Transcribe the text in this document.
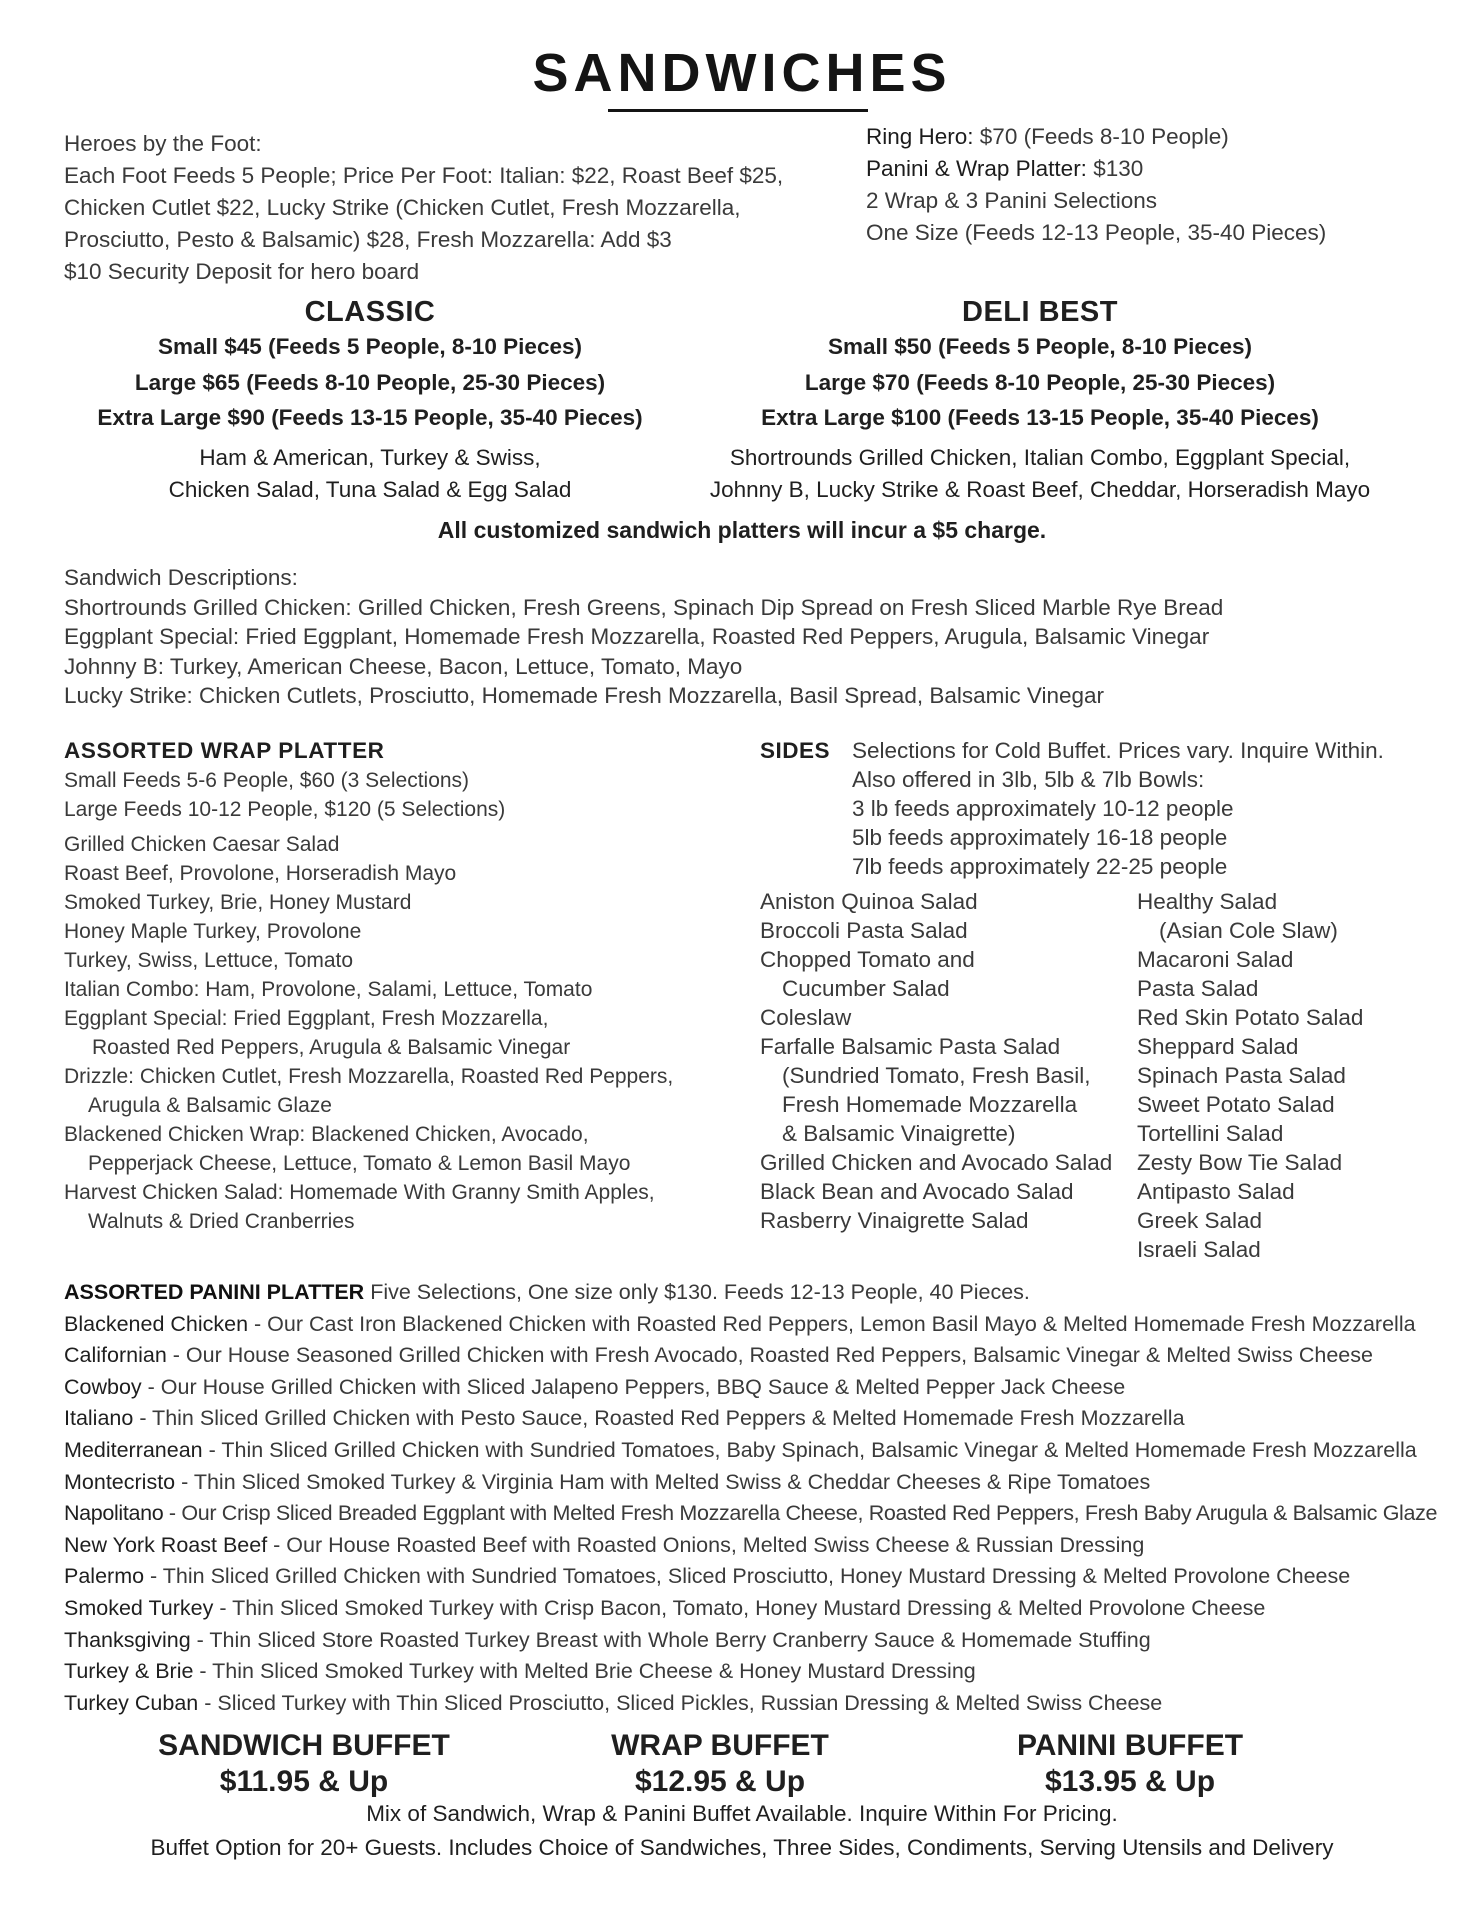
SANDWICHES
Heroes by the Foot:
Each Foot Feeds 5 People; Price Per Foot: Italian: $22, Roast Beef $25,
Chicken Cutlet $22, Lucky Strike (Chicken Cutlet, Fresh Mozzarella,
Prosciutto, Pesto & Balsamic) $28, Fresh Mozzarella: Add $3
$10 Security Deposit for hero board
Ring Hero: $70 (Feeds 8-10 People)
Panini & Wrap Platter: $130
2 Wrap & 3 Panini Selections
One Size (Feeds 12-13 People, 35-40 Pieces)
CLASSIC
Small $45 (Feeds 5 People, 8-10 Pieces)
Large $65 (Feeds 8-10 People, 25-30 Pieces)
Extra Large $90 (Feeds 13-15 People, 35-40 Pieces)
Ham & American, Turkey & Swiss,
Chicken Salad, Tuna Salad & Egg Salad
DELI BEST
Small $50 (Feeds 5 People, 8-10 Pieces)
Large $70 (Feeds 8-10 People, 25-30 Pieces)
Extra Large $100 (Feeds 13-15 People, 35-40 Pieces)
Shortrounds Grilled Chicken, Italian Combo, Eggplant Special,
Johnny B, Lucky Strike & Roast Beef, Cheddar, Horseradish Mayo
All customized sandwich platters will incur a $5 charge.
Sandwich Descriptions:
Shortrounds Grilled Chicken: Grilled Chicken, Fresh Greens, Spinach Dip Spread on Fresh Sliced Marble Rye Bread
Eggplant Special: Fried Eggplant, Homemade Fresh Mozzarella, Roasted Red Peppers, Arugula, Balsamic Vinegar
Johnny B: Turkey, American Cheese, Bacon, Lettuce, Tomato, Mayo
Lucky Strike: Chicken Cutlets, Prosciutto, Homemade Fresh Mozzarella, Basil Spread, Balsamic Vinegar
ASSORTED WRAP PLATTER
Small Feeds 5-6 People, $60 (3 Selections)
Large Feeds 10-12 People, $120 (5 Selections)
Grilled Chicken Caesar Salad
Roast Beef, Provolone, Horseradish Mayo
Smoked Turkey, Brie, Honey Mustard
Honey Maple Turkey, Provolone
Turkey, Swiss, Lettuce, Tomato
Italian Combo: Ham, Provolone, Salami, Lettuce, Tomato
Eggplant Special: Fried Eggplant, Fresh Mozzarella,
Roasted Red Peppers, Arugula & Balsamic Vinegar
Drizzle: Chicken Cutlet, Fresh Mozzarella, Roasted Red Peppers,
Arugula & Balsamic Glaze
Blackened Chicken Wrap: Blackened Chicken, Avocado,
Pepperjack Cheese, Lettuce, Tomato & Lemon Basil Mayo
Harvest Chicken Salad: Homemade With Granny Smith Apples,
Walnuts & Dried Cranberries
SIDES Selections for Cold Buffet. Prices vary. Inquire Within.
Also offered in 3lb, 5lb & 7lb Bowls:
3 lb feeds approximately 10-12 people
5lb feeds approximately 16-18 people
7lb feeds approximately 22-25 people
Aniston Quinoa Salad
Broccoli Pasta Salad
Chopped Tomato and
Cucumber Salad
Coleslaw
Farfalle Balsamic Pasta Salad
(Sundried Tomato, Fresh Basil,
Fresh Homemade Mozzarella
& Balsamic Vinaigrette)
Grilled Chicken and Avocado Salad
Black Bean and Avocado Salad
Rasberry Vinaigrette Salad
Healthy Salad
(Asian Cole Slaw)
Macaroni Salad
Pasta Salad
Red Skin Potato Salad
Sheppard Salad
Spinach Pasta Salad
Sweet Potato Salad
Tortellini Salad
Zesty Bow Tie Salad
Antipasto Salad
Greek Salad
Israeli Salad
ASSORTED PANINI PLATTER Five Selections, One size only $130. Feeds 12-13 People, 40 Pieces.
Blackened Chicken - Our Cast Iron Blackened Chicken with Roasted Red Peppers, Lemon Basil Mayo & Melted Homemade Fresh Mozzarella
Californian - Our House Seasoned Grilled Chicken with Fresh Avocado, Roasted Red Peppers, Balsamic Vinegar & Melted Swiss Cheese
Cowboy - Our House Grilled Chicken with Sliced Jalapeno Peppers, BBQ Sauce & Melted Pepper Jack Cheese
Italiano - Thin Sliced Grilled Chicken with Pesto Sauce, Roasted Red Peppers & Melted Homemade Fresh Mozzarella
Mediterranean - Thin Sliced Grilled Chicken with Sundried Tomatoes, Baby Spinach, Balsamic Vinegar & Melted Homemade Fresh Mozzarella
Montecristo - Thin Sliced Smoked Turkey & Virginia Ham with Melted Swiss & Cheddar Cheeses & Ripe Tomatoes
Napolitano - Our Crisp Sliced Breaded Eggplant with Melted Fresh Mozzarella Cheese, Roasted Red Peppers, Fresh Baby Arugula & Balsamic Glaze
New York Roast Beef - Our House Roasted Beef with Roasted Onions, Melted Swiss Cheese & Russian Dressing
Palermo - Thin Sliced Grilled Chicken with Sundried Tomatoes, Sliced Prosciutto, Honey Mustard Dressing & Melted Provolone Cheese
Smoked Turkey - Thin Sliced Smoked Turkey with Crisp Bacon, Tomato, Honey Mustard Dressing & Melted Provolone Cheese
Thanksgiving - Thin Sliced Store Roasted Turkey Breast with Whole Berry Cranberry Sauce & Homemade Stuffing
Turkey & Brie - Thin Sliced Smoked Turkey with Melted Brie Cheese & Honey Mustard Dressing
Turkey Cuban - Sliced Turkey with Thin Sliced Prosciutto, Sliced Pickles, Russian Dressing & Melted Swiss Cheese
SANDWICH BUFFET
$11.95 & Up
WRAP BUFFET
$12.95 & Up
PANINI BUFFET
$13.95 & Up
Mix of Sandwich, Wrap & Panini Buffet Available. Inquire Within For Pricing.
Buffet Option for 20+ Guests. Includes Choice of Sandwiches, Three Sides, Condiments, Serving Utensils and Delivery
